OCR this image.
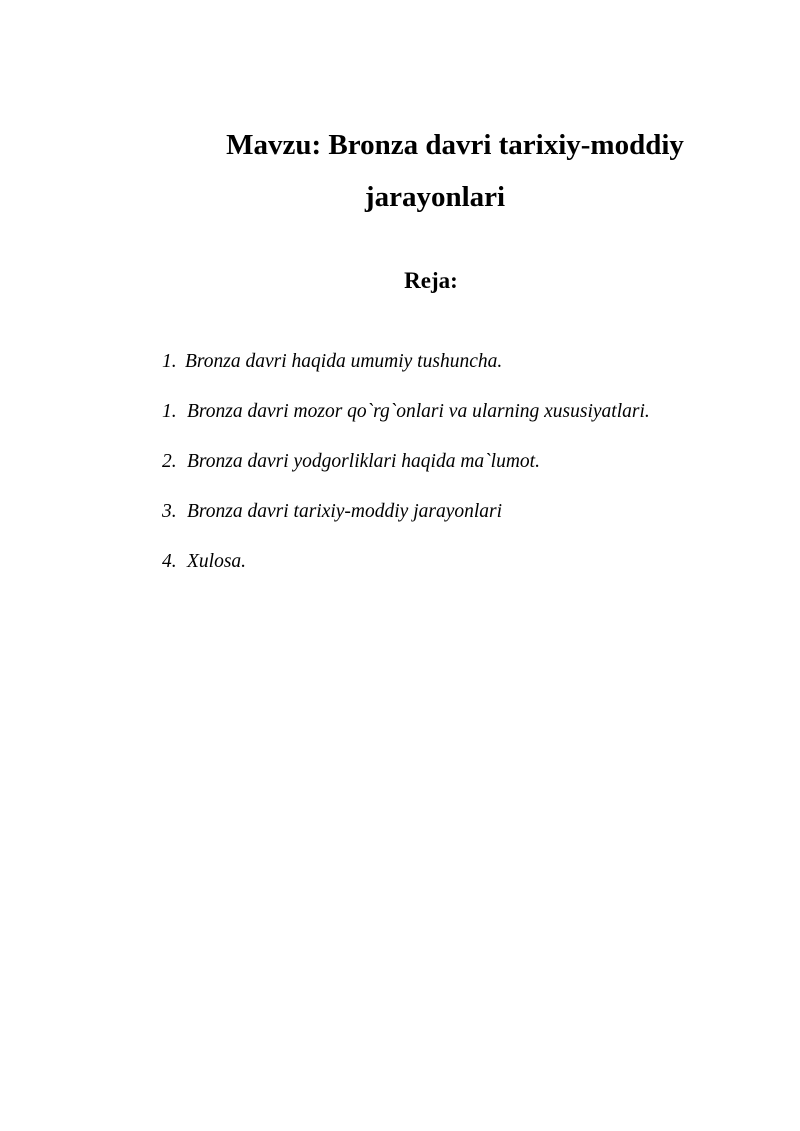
Mavzu: Bronza davri tarixiy-moddiy
jarayonlari
Reja:
1. Bronza davri haqida umumiy tushuncha.
1. Bronza davri mozor qo`rg`onlari va ularning xususiyatlari.
2. Bronza davri yodgorliklari haqida ma`lumot.
3. Bronza davri tarixiy-moddiy jarayonlari
4. Xulosa.
